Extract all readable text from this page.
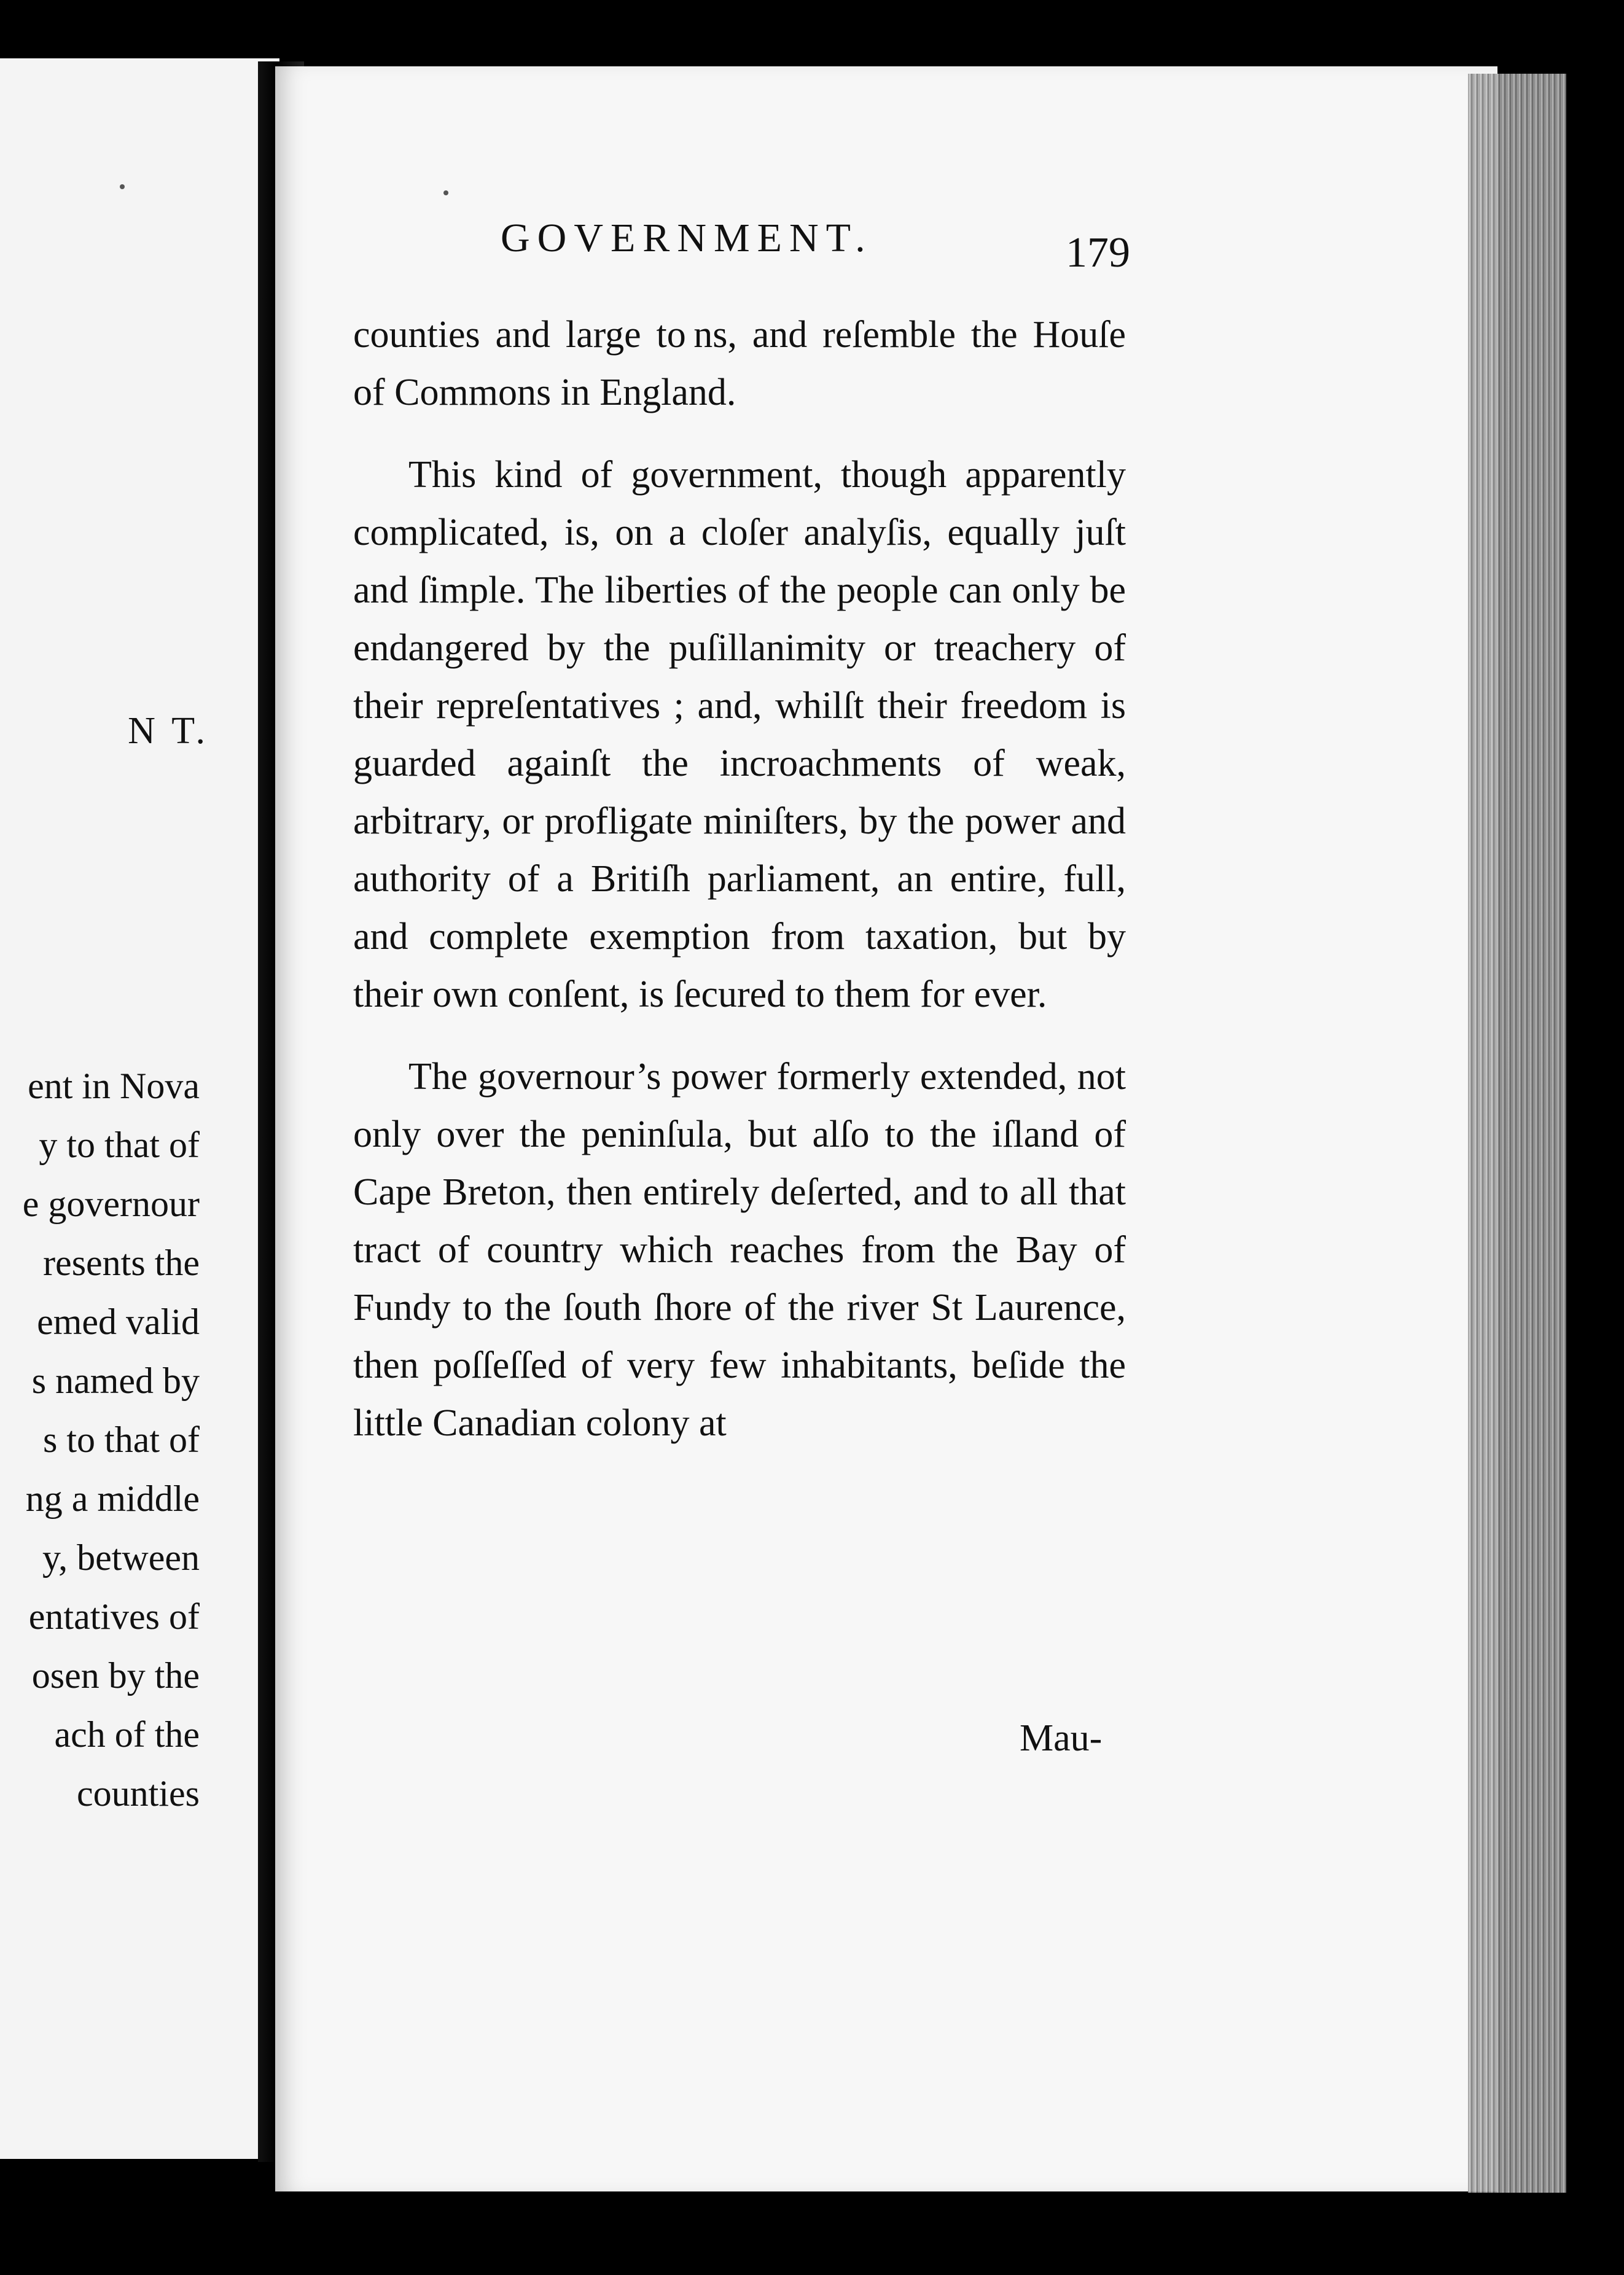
N T.
ent in Nova
y to that of
e governour
resents the
emed valid
s named by
s to that of
ng a middle
y, between
entatives of
osen by the
ach of the
counties
GOVERNMENT.	179

counties and large to ns, and reſemble the Houſe of Commons in England.

This kind of government, though apparently complicated, is, on a cloſer analyſis, equally juſt and ſimple. The liberties of the people can only be endangered by the puſillanimity or treachery of their repreſentatives ; and, whilſt their freedom is guarded againſt the incroachments of weak, arbitrary, or profligate miniſters, by the power and authority of a Britiſh parliament, an entire, full, and complete exemption from taxation, but by their own conſent, is ſecured to them for ever.

The governour’s power formerly extended, not only over the peninſula, but alſo to the iſland of Cape Breton, then entirely deſerted, and to all that tract of country which reaches from the Bay of Fundy to the ſouth ſhore of the river St Laurence, then poſſeſſed of very few inhabitants, beſide the little Canadian colony at

Mau-
